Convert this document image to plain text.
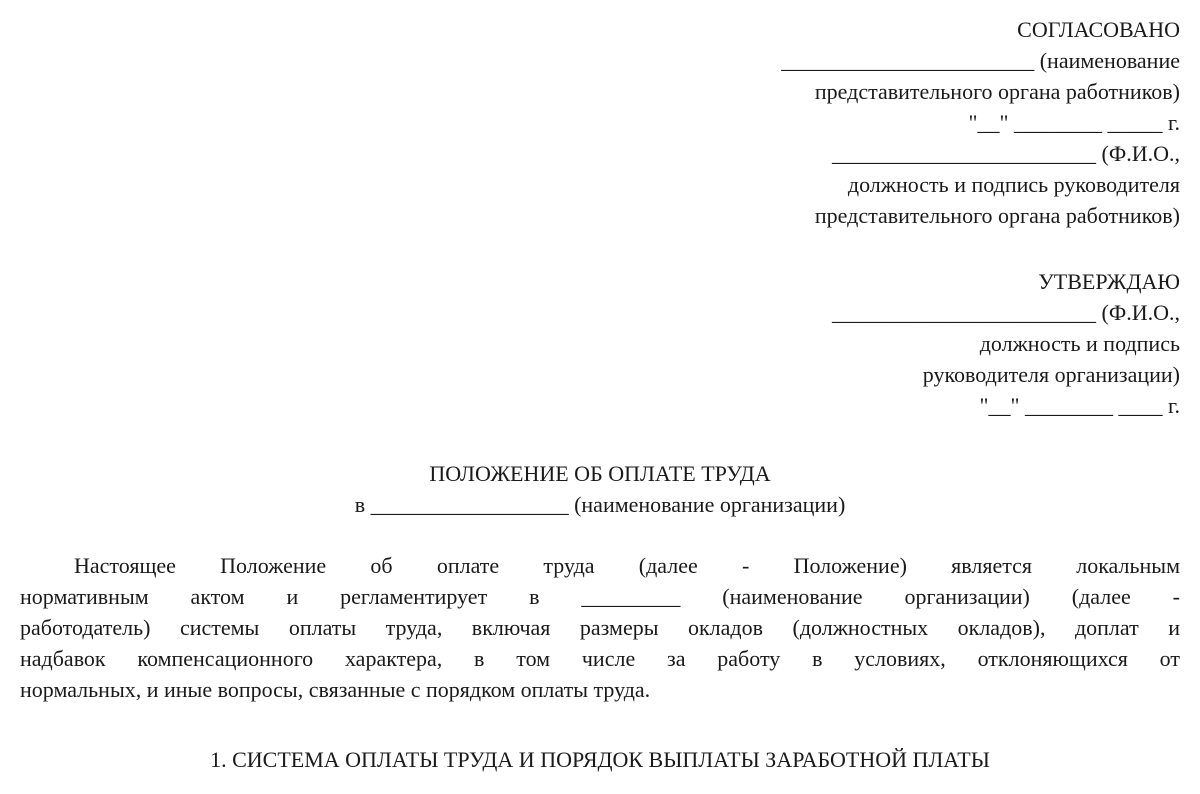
СОГЛАСОВАНО
_______________________ (наименование
представительного органа работников)
"__" ________ _____ г.
________________________ (Ф.И.О.,
должность и подпись руководителя
представительного органа работников)
УТВЕРЖДАЮ
________________________ (Ф.И.О.,
должность и подпись
руководителя организации)
"__" ________ ____ г.
ПОЛОЖЕНИЕ ОБ ОПЛАТЕ ТРУДА
в __________________ (наименование организации)
Настоящее Положение об оплате труда (далее - Положение) является локальным
нормативным актом и регламентирует в _________ (наименование организации) (далее -
работодатель) системы оплаты труда, включая размеры окладов (должностных окладов), доплат и
надбавок компенсационного характера, в том числе за работу в условиях, отклоняющихся от
нормальных, и иные вопросы, связанные с порядком оплаты труда.
1. СИСТЕМА ОПЛАТЫ ТРУДА И ПОРЯДОК ВЫПЛАТЫ ЗАРАБОТНОЙ ПЛАТЫ
